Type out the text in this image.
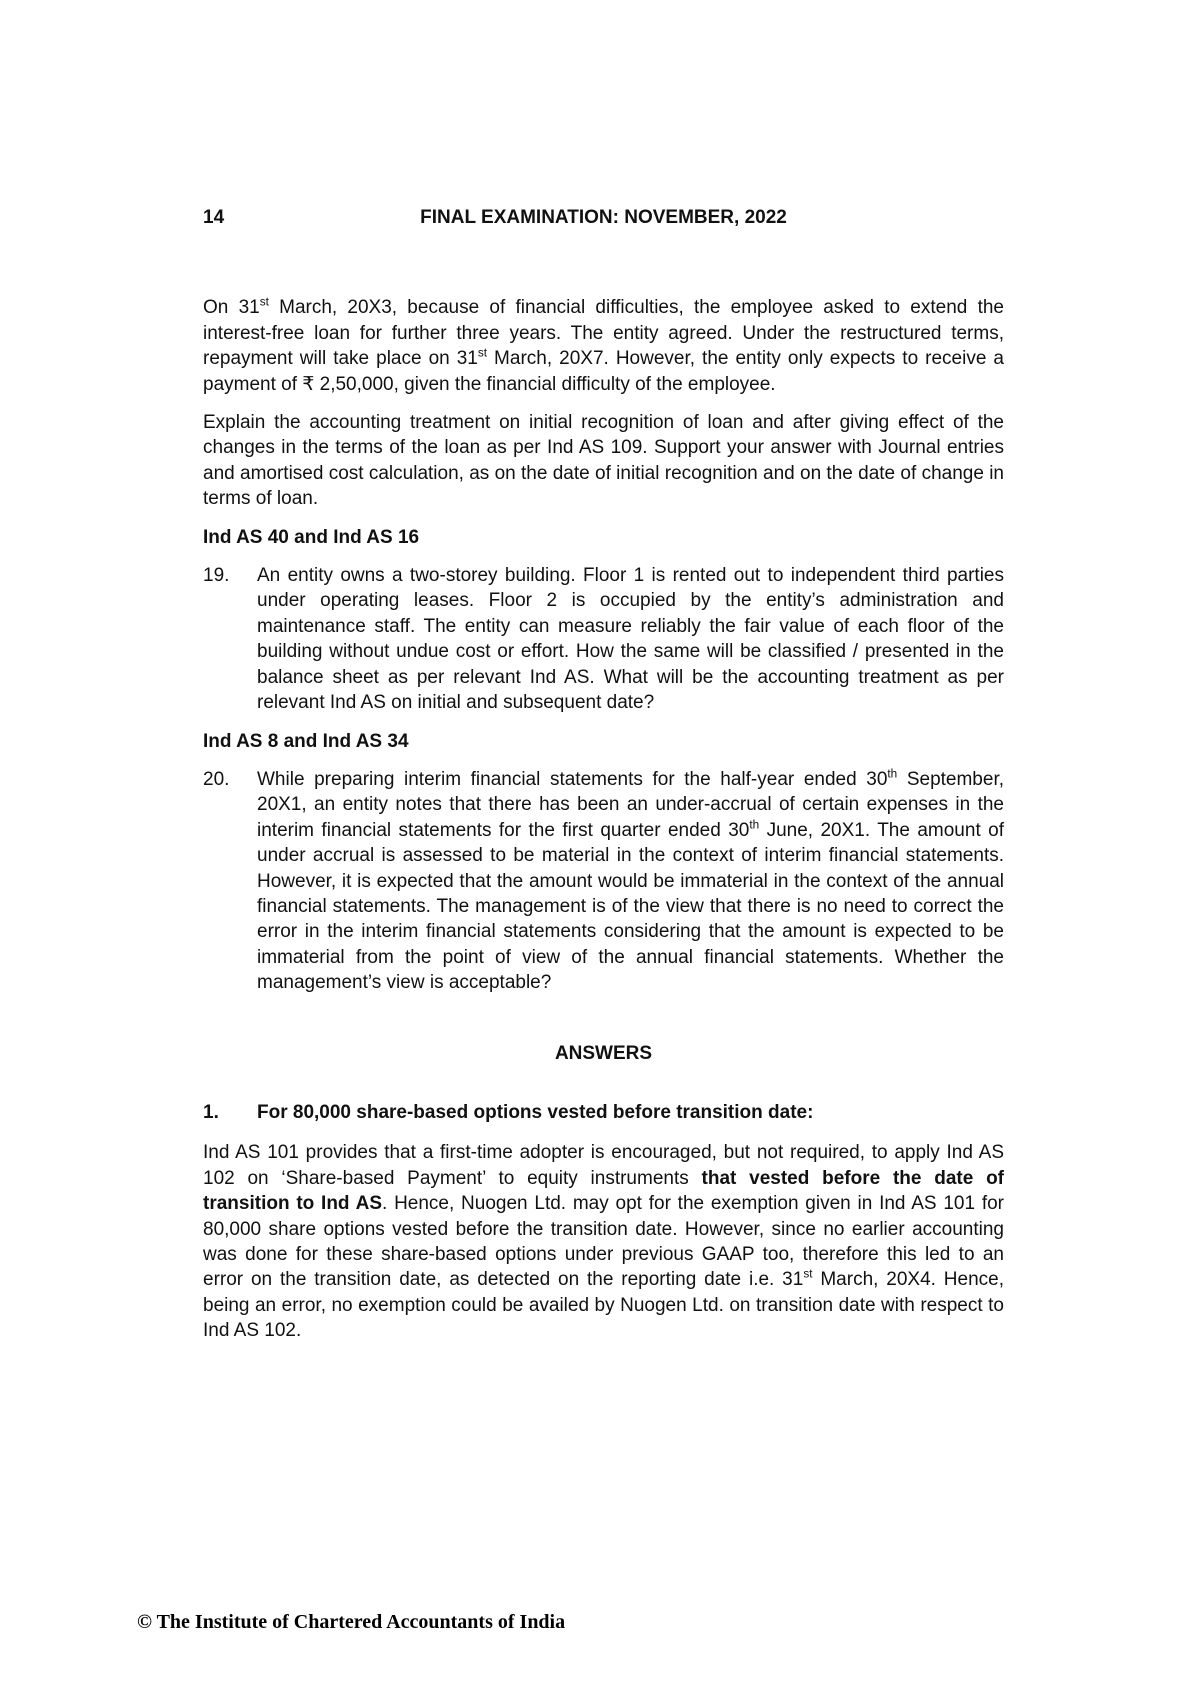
14	FINAL EXAMINATION: NOVEMBER, 2022

On 31st March, 20X3, because of financial difficulties, the employee asked to extend the interest-free loan for further three years. The entity agreed. Under the restructured terms, repayment will take place on 31st March, 20X7. However, the entity only expects to receive a payment of ₹ 2,50,000, given the financial difficulty of the employee.

Explain the accounting treatment on initial recognition of loan and after giving effect of the changes in the terms of the loan as per Ind AS 109. Support your answer with Journal entries and amortised cost calculation, as on the date of initial recognition and on the date of change in terms of loan.

Ind AS 40 and Ind AS 16
19.	An entity owns a two-storey building. Floor 1 is rented out to independent third parties under operating leases. Floor 2 is occupied by the entity’s administration and maintenance staff. The entity can measure reliably the fair value of each floor of the building without undue cost or effort. How the same will be classified / presented in the balance sheet as per relevant Ind AS. What will be the accounting treatment as per relevant Ind AS on initial and subsequent date?

Ind AS 8 and Ind AS 34
20.	While preparing interim financial statements for the half-year ended 30th September, 20X1, an entity notes that there has been an under-accrual of certain expenses in the interim financial statements for the first quarter ended 30th June, 20X1. The amount of under accrual is assessed to be material in the context of interim financial statements. However, it is expected that the amount would be immaterial in the context of the annual financial statements. The management is of the view that there is no need to correct the error in the interim financial statements considering that the amount is expected to be immaterial from the point of view of the annual financial statements. Whether the management’s view is acceptable?

ANSWERS
1.	For 80,000 share-based options vested before transition date:

Ind AS 101 provides that a first-time adopter is encouraged, but not required, to apply Ind AS 102 on ‘Share-based Payment’ to equity instruments that vested before the date of transition to Ind AS. Hence, Nuogen Ltd. may opt for the exemption given in Ind AS 101 for 80,000 share options vested before the transition date. However, since no earlier accounting was done for these share-based options under previous GAAP too, therefore this led to an error on the transition date, as detected on the reporting date i.e. 31st March, 20X4. Hence, being an error, no exemption could be availed by Nuogen Ltd. on transition date with respect to Ind AS 102.

© The Institute of Chartered Accountants of India
